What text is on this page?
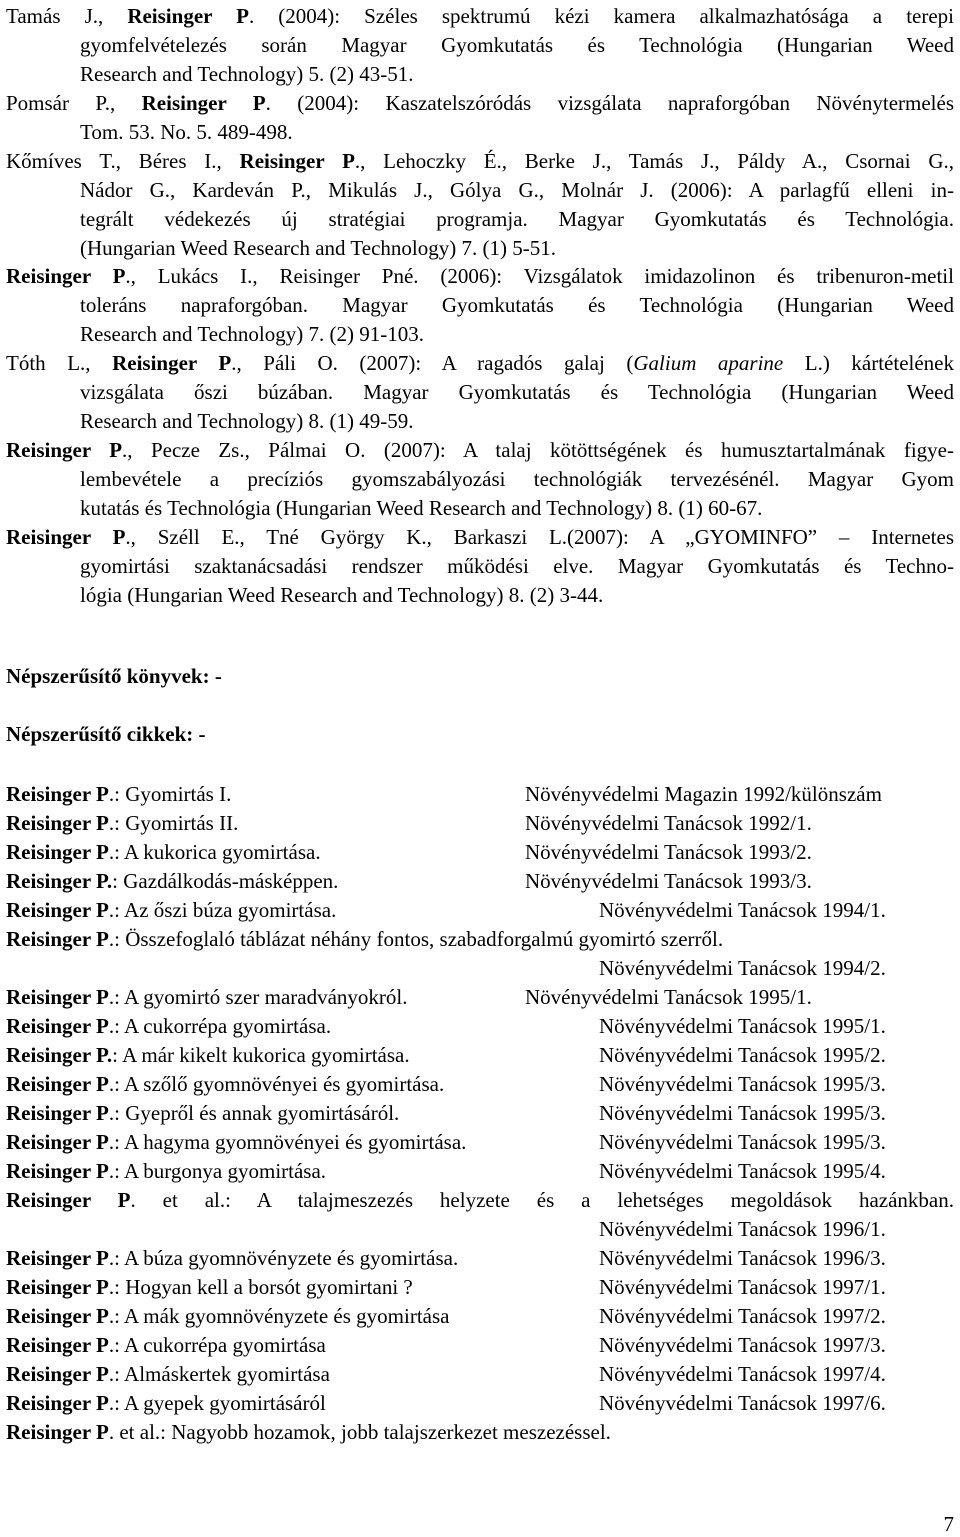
Tamás J., Reisinger P. (2004): Széles spektrumú kézi kamera alkalmazhatósága a terepi
gyomfelvételezés során Magyar Gyomkutatás és Technológia (Hungarian Weed
Research and Technology) 5. (2) 43-51.
Pomsár P., Reisinger P. (2004): Kaszatelszóródás vizsgálata napraforgóban Növénytermelés
Tom. 53. No. 5. 489-498.
Kőmíves T., Béres I., Reisinger P., Lehoczky É., Berke J., Tamás J., Páldy A., Csornai G.,
Nádor G., Kardeván P., Mikulás J., Gólya G., Molnár J. (2006): A parlagfű elleni in-
tegrált védekezés új stratégiai programja. Magyar Gyomkutatás és Technológia.
(Hungarian Weed Research and Technology) 7. (1) 5-51.
Reisinger P., Lukács I., Reisinger Pné. (2006): Vizsgálatok imidazolinon és tribenuron-metil
toleráns napraforgóban. Magyar Gyomkutatás és Technológia (Hungarian Weed
Research and Technology) 7. (2) 91-103.
Tóth L., Reisinger P., Páli O. (2007): A ragadós galaj (Galium aparine L.) kártételének
vizsgálata őszi búzában. Magyar Gyomkutatás és Technológia (Hungarian Weed
Research and Technology) 8. (1) 49-59.
Reisinger P., Pecze Zs., Pálmai O. (2007): A talaj kötöttségének és humusztartalmának figye-
lembevétele a precíziós gyomszabályozási technológiák tervezésénél. Magyar Gyom
kutatás és Technológia (Hungarian Weed Research and Technology) 8. (1) 60-67.
Reisinger P., Széll E., Tné György K., Barkaszi L.(2007): A „GYOMINFO” – Internetes
gyomirtási szaktanácsadási rendszer működési elve. Magyar Gyomkutatás és Techno-
lógia (Hungarian Weed Research and Technology) 8. (2) 3-44.
Népszerűsítő könyvek: -
Népszerűsítő cikkek: -
Reisinger P.: Gyomirtás I.	Növényvédelmi Magazin 1992/különszám
Reisinger P.: Gyomirtás II.	Növényvédelmi Tanácsok 1992/1.
Reisinger P.: A kukorica gyomirtása.	Növényvédelmi Tanácsok 1993/2.
Reisinger P.: Gazdálkodás-másképpen.	Növényvédelmi Tanácsok 1993/3.
Reisinger P.: Az őszi búza gyomirtása.	Növényvédelmi Tanácsok 1994/1.
Reisinger P.: Összefoglaló táblázat néhány fontos, szabadforgalmú gyomirtó szerről.
Növényvédelmi Tanácsok 1994/2.
Reisinger P.: A gyomirtó szer maradványokról.	Növényvédelmi Tanácsok 1995/1.
Reisinger P.: A cukorrépa gyomirtása.	Növényvédelmi Tanácsok 1995/1.
Reisinger P.: A már kikelt kukorica gyomirtása.	Növényvédelmi Tanácsok 1995/2.
Reisinger P.: A szőlő gyomnövényei és gyomirtása.	Növényvédelmi Tanácsok 1995/3.
Reisinger P.: Gyepről és annak gyomirtásáról.	Növényvédelmi Tanácsok 1995/3.
Reisinger P.: A hagyma gyomnövényei és gyomirtása.	Növényvédelmi Tanácsok 1995/3.
Reisinger P.: A burgonya gyomirtása.	Növényvédelmi Tanácsok 1995/4.
Reisinger P. et al.: A talajmeszezés helyzete és a lehetséges megoldások hazánkban.
Növényvédelmi Tanácsok 1996/1.
Reisinger P.: A búza gyomnövényzete és gyomirtása.	Növényvédelmi Tanácsok 1996/3.
Reisinger P.: Hogyan kell a borsót gyomirtani ?	Növényvédelmi Tanácsok 1997/1.
Reisinger P.: A mák gyomnövényzete és gyomirtása	Növényvédelmi Tanácsok 1997/2.
Reisinger P.: A cukorrépa gyomirtása	Növényvédelmi Tanácsok 1997/3.
Reisinger P.: Almáskertek gyomirtása	Növényvédelmi Tanácsok 1997/4.
Reisinger P.: A gyepek gyomirtásáról	Növényvédelmi Tanácsok 1997/6.
Reisinger P. et al.: Nagyobb hozamok, jobb talajszerkezet meszezéssel.
7
